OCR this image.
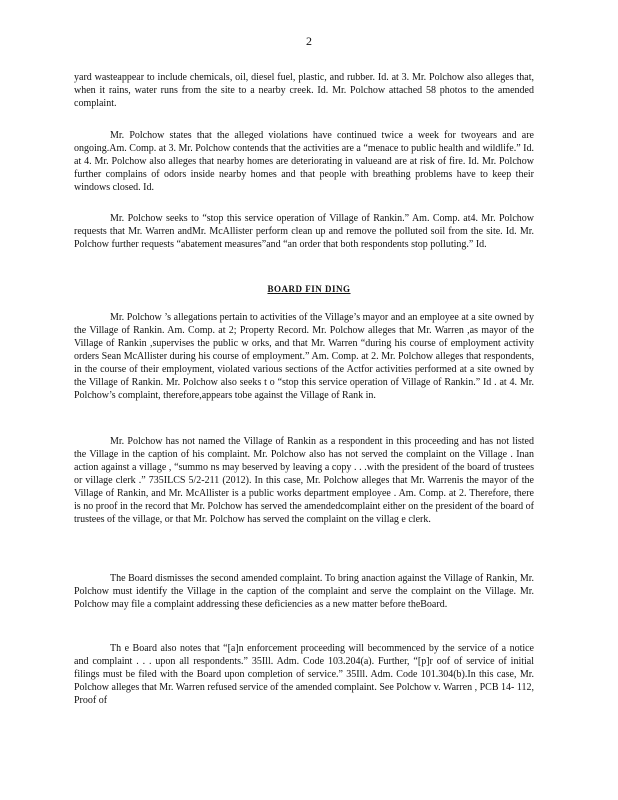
2

yard wasteappear to include chemicals, oil, diesel fuel, plastic, and rubber. Id. at 3. Mr. Polchow also alleges that, when it rains, water runs from the site to a nearby creek. Id. Mr. Polchow attached 58 photos to the amended complaint.

Mr. Polchow states that the alleged violations have continued twice a week for twoyears and are ongoing.Am. Comp. at 3. Mr. Polchow contends that the activities are a “menace to public health and wildlife.” Id. at 4. Mr. Polchow also alleges that nearby homes are deteriorating in valueand are at risk of fire. Id. Mr. Polchow further complains of odors inside nearby homes and that people with breathing problems have to keep their windows closed. Id.

Mr. Polchow seeks to “stop this service operation of Village of Rankin.” Am. Comp. at4. Mr. Polchow requests that Mr. Warren andMr. McAllister perform clean up and remove the polluted soil from the site. Id. Mr. Polchow further requests “abatement measures”and “an order that both respondents stop polluting.” Id.

BOARD FIN DING

Mr. Polchow ’s allegations pertain to activities of the Village’s mayor and an employee at a site owned by the Village of Rankin. Am. Comp. at 2; Property Record. Mr. Polchow alleges that Mr. Warren ,as mayor of the Village of Rankin ,supervises the public w orks, and that Mr. Warren “during his course of employment activity orders Sean McAllister during his course of employment.” Am. Comp. at 2. Mr. Polchow alleges that respondents, in the course of their employment, violated various sections of the Actfor activities performed at a site owned by the Village of Rankin. Mr. Polchow also seeks t o “stop this service operation of Village of Rankin.” Id . at 4. Mr. Polchow’s complaint, therefore,appears tobe against the Village of Rank in.

Mr. Polchow has not named the Village of Rankin as a respondent in this proceeding and has not listed the Village in the caption of his complaint. Mr. Polchow also has not served the complaint on the Village . Inan action against a village , “summo ns may beserved by leaving a copy . . .with the president of the board of trustees or village clerk .” 735ILCS 5/2-211 (2012). In this case, Mr. Polchow alleges that Mr. Warrenis the mayor of the Village of Rankin, and Mr. McAllister is a public works department employee . Am. Comp. at 2. Therefore, there is no proof in the record that Mr. Polchow has served the amendedcomplaint either on the president of the board of trustees of the village, or that Mr. Polchow has served the complaint on the villag e clerk.

The Board dismisses the second amended complaint. To bring anaction against the Village of Rankin, Mr. Polchow must identify the Village in the caption of the complaint and serve the complaint on the Village. Mr. Polchow may file a complaint addressing these deficiencies as a new matter before theBoard.

Th e Board also notes that “[a]n enforcement proceeding will becommenced by the service of a notice and complaint . . . upon all respondents.” 35Ill. Adm. Code 103.204(a). Further, “[p]r oof of service of initial filings must be filed with the Board upon completion of service.” 35Ill. Adm. Code 101.304(b).In this case, Mr. Polchow alleges that Mr. Warren refused service of the amended complaint. See Polchow v. Warren , PCB 14- 112, Proof of
